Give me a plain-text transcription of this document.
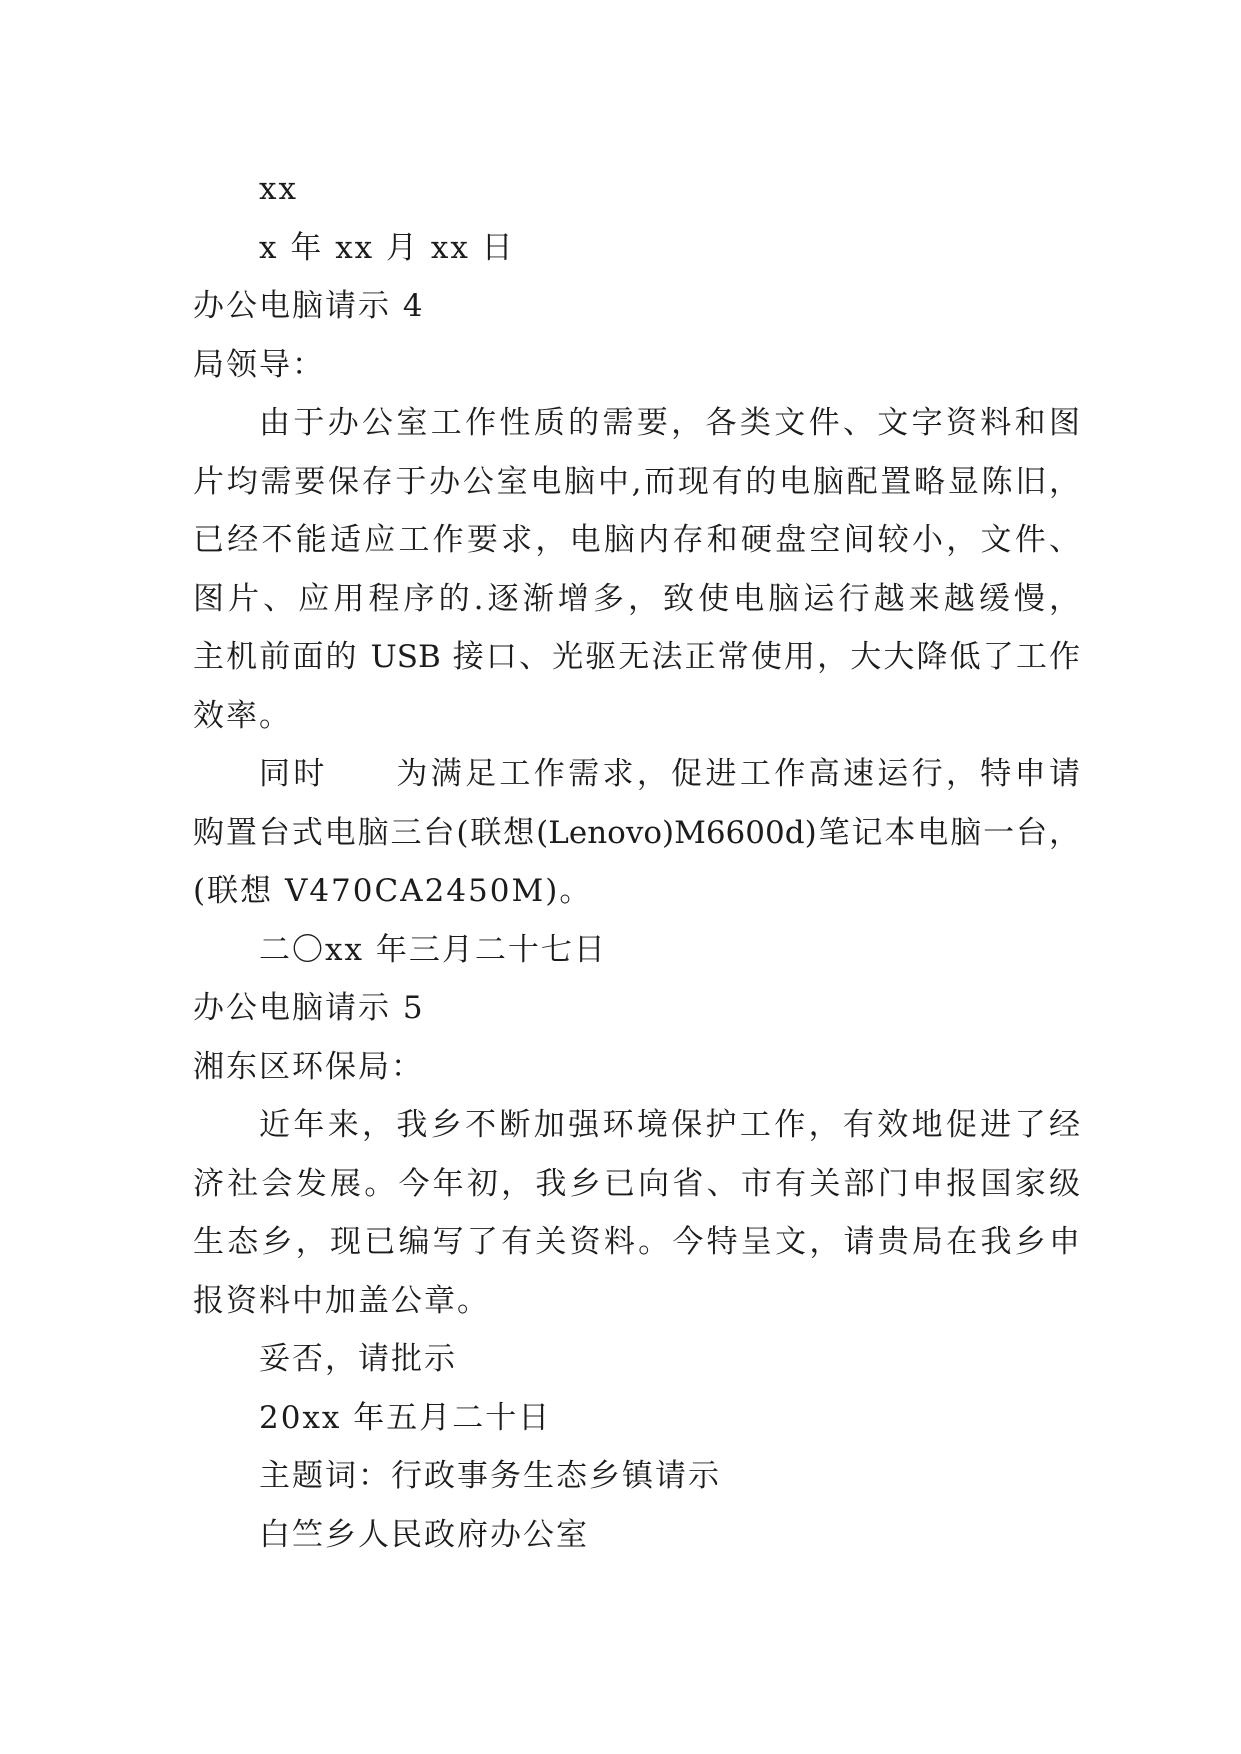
xx
x 年 xx 月 xx 日
办公电脑请示 4
局领导：
由于办公室工作性质的需要，各类文件、文字资料和图
片均需要保存于办公室电脑中,而现有的电脑配置略显陈旧，
已经不能适应工作要求，电脑内存和硬盘空间较小，文件、
图片、应用程序的.逐渐增多，致使电脑运行越来越缓慢，
主机前面的 USB 接口、光驱无法正常使用，大大降低了工作
效率。
同时　　为满足工作需求，促进工作高速运行，特申请
购置台式电脑三台(联想(Lenovo)M6600d)笔记本电脑一台，
(联想 V470CA2450M)。
二〇xx 年三月二十七日
办公电脑请示 5
湘东区环保局：
近年来，我乡不断加强环境保护工作，有效地促进了经
济社会发展。今年初，我乡已向省、市有关部门申报国家级
生态乡，现已编写了有关资料。今特呈文，请贵局在我乡申
报资料中加盖公章。
妥否，请批示
20xx 年五月二十日
主题词：行政事务生态乡镇请示
白竺乡人民政府办公室
